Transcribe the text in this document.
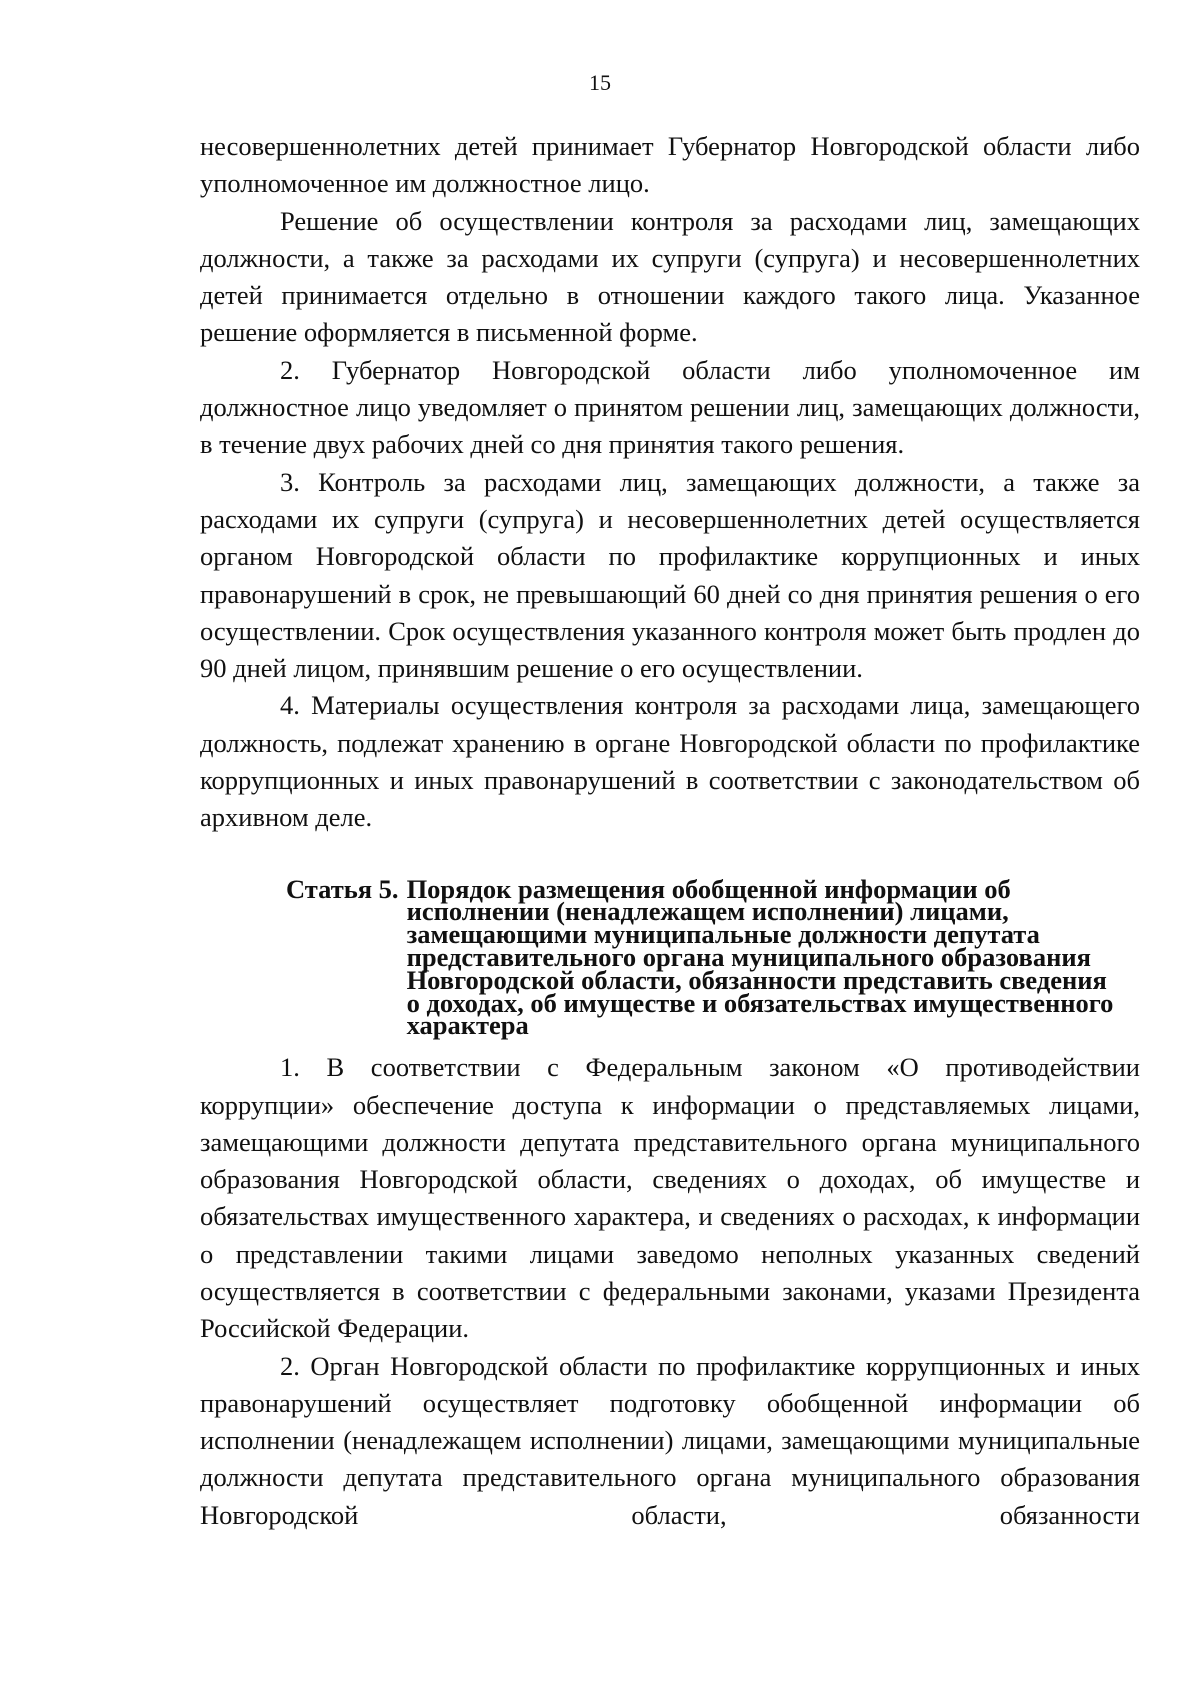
15

несовершеннолетних детей принимает Губернатор Новгородской области либо уполномоченное им должностное лицо.

Решение об осуществлении контроля за расходами лиц, замещающих должности, а также за расходами их супруги (супруга) и несовершеннолетних детей принимается отдельно в отношении каждого такого лица. Указанное решение оформляется в письменной форме.

2. Губернатор Новгородской области либо уполномоченное им должностное лицо уведомляет о принятом решении лиц, замещающих должности, в течение двух рабочих дней со дня принятия такого решения.

3. Контроль за расходами лиц, замещающих должности, а также за расходами их супруги (супруга) и несовершеннолетних детей осуществляется органом Новгородской области по профилактике коррупционных и иных правонарушений в срок, не превышающий 60 дней со дня принятия решения о его осуществлении. Срок осуществления указанного контроля может быть продлен до 90 дней лицом, принявшим решение о его осуществлении.

4. Материалы осуществления контроля за расходами лица, замещающего должность, подлежат хранению в органе Новгородской области по профилактике коррупционных и иных правонарушений в соответствии с законодательством об архивном деле.

Статья 5. Порядок размещения обобщенной информации об исполнении (ненадлежащем исполнении) лицами, замещающими муниципальные должности депутата представительного органа муниципального образования Новгородской области, обязанности представить сведения о доходах, об имуществе и обязательствах имущественного характера

1. В соответствии с Федеральным законом «О противодействии коррупции» обеспечение доступа к информации о представляемых лицами, замещающими должности депутата представительного органа муниципального образования Новгородской области, сведениях о доходах, об имуществе и обязательствах имущественного характера, и сведениях о расходах, к информации о представлении такими лицами заведомо неполных указанных сведений осуществляется в соответствии с федеральными законами, указами Президента Российской Федерации.

2. Орган Новгородской области по профилактике коррупционных и иных правонарушений осуществляет подготовку обобщенной информации об исполнении (ненадлежащем исполнении) лицами, замещающими муниципальные должности депутата представительного органа муниципального образования Новгородской области, обязанности
